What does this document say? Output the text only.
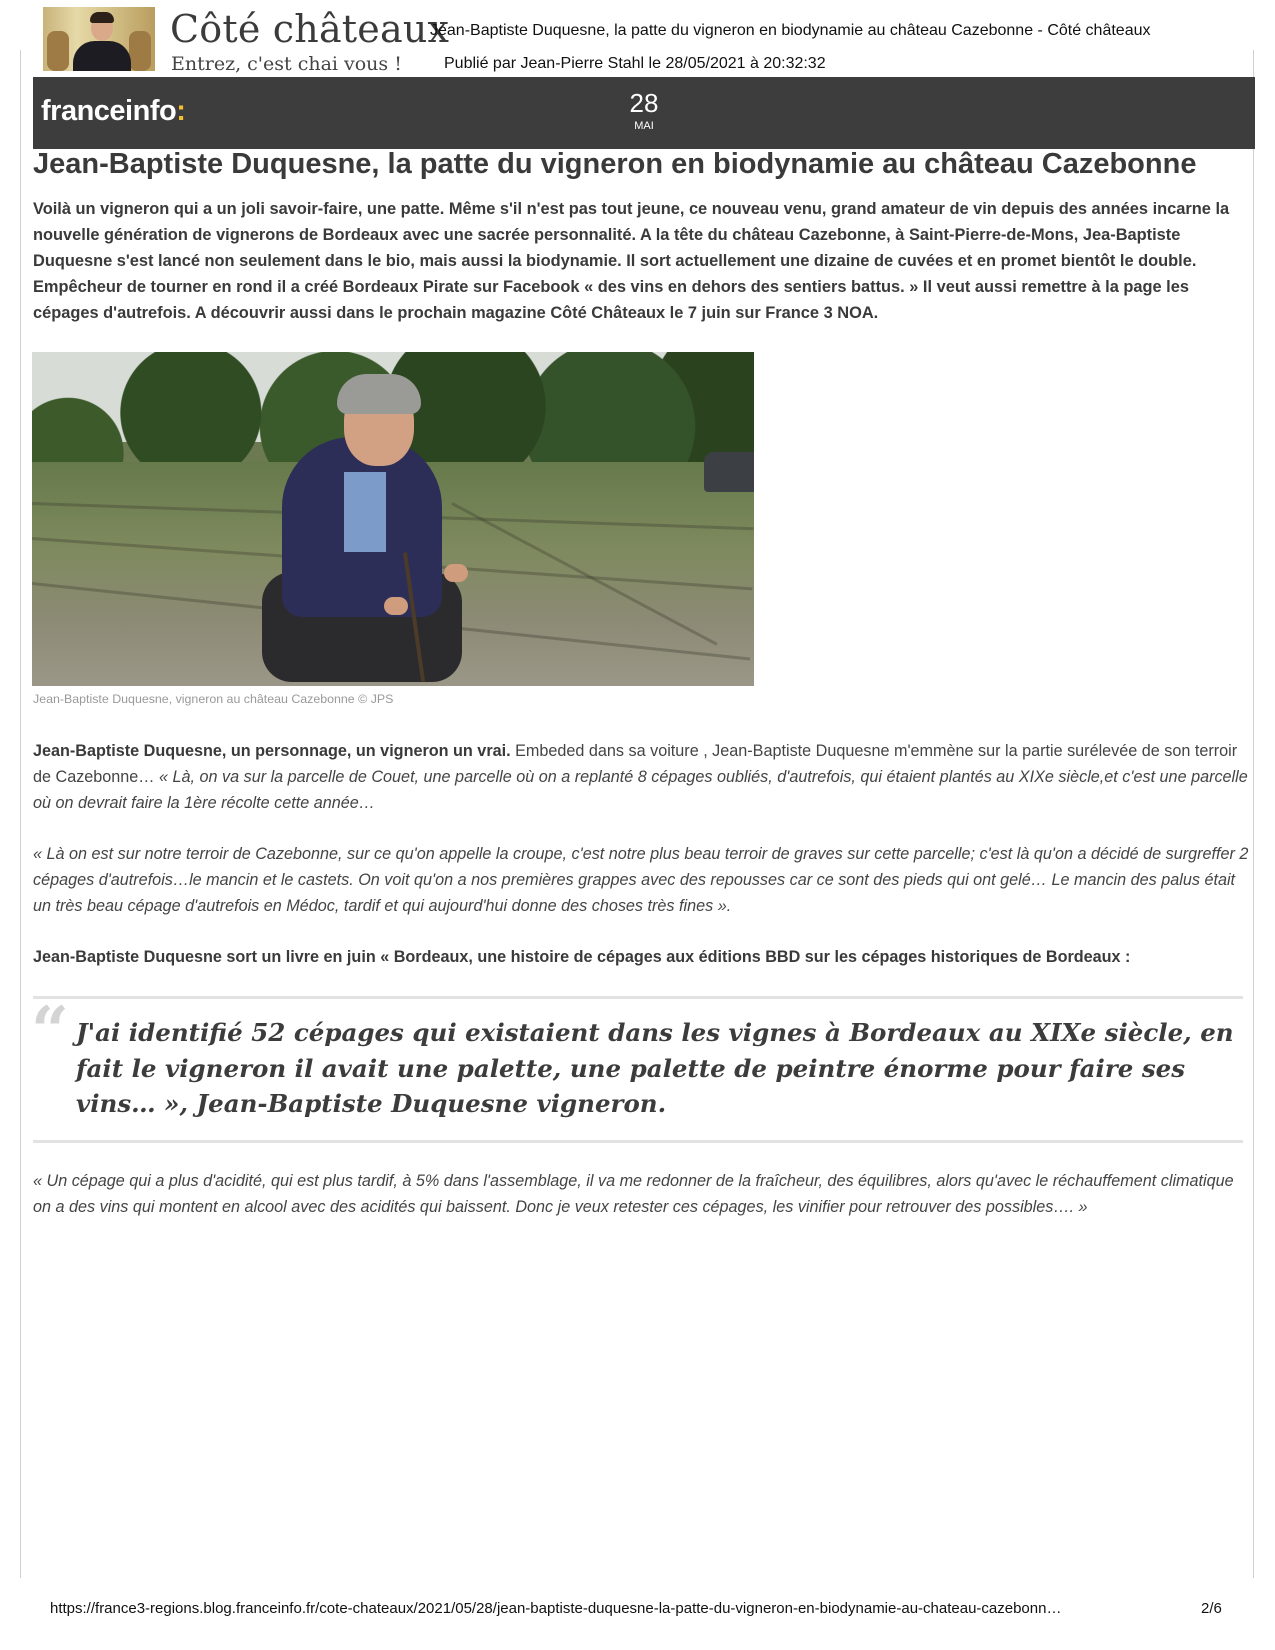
Côté châteaux
Entrez, c'est chai vous !
Jean-Baptiste Duquesne, la patte du vigneron en biodynamie au château Cazebonne - Côté châteaux
Publié par Jean-Pierre Stahl le 28/05/2021 à 20:32:32
franceinfo:	28
MAI
Jean-Baptiste Duquesne, la patte du vigneron en biodynamie au château Cazebonne

Voilà un vigneron qui a un joli savoir-faire, une patte. Même s'il n'est pas tout jeune, ce nouveau venu, grand amateur de vin depuis des années incarne la nouvelle génération de vignerons de Bordeaux avec une sacrée personnalité. A la tête du château Cazebonne, à Saint-Pierre-de-Mons, Jea-Baptiste Duquesne s'est lancé non seulement dans le bio, mais aussi la biodynamie. Il sort actuellement une dizaine de cuvées et en promet bientôt le double. Empêcheur de tourner en rond il a créé Bordeaux Pirate sur Facebook « des vins en dehors des sentiers battus. » Il veut aussi remettre à la page les cépages d'autrefois. A découvrir aussi dans le prochain magazine Côté Châteaux le 7 juin sur France 3 NOA.

Jean-Baptiste Duquesne, vigneron au château Cazebonne © JPS

Jean-Baptiste Duquesne, un personnage, un vigneron un vrai. Embeded dans sa voiture , Jean-Baptiste Duquesne m'emmène sur la partie surélevée de son terroir de Cazebonne… « Là, on va sur la parcelle de Couet, une parcelle où on a replanté 8 cépages oubliés, d'autrefois, qui étaient plantés au XIXe siècle,et c'est une parcelle où on devrait faire la 1ère récolte cette année…

« Là on est sur notre terroir de Cazebonne, sur ce qu'on appelle la croupe, c'est notre plus beau terroir de graves sur cette parcelle; c'est là qu'on a décidé de surgreffer 2 cépages d'autrefois…le mancin et le castets. On voit qu'on a nos premières grappes avec des repousses car ce sont des pieds qui ont gelé… Le mancin des palus était un très beau cépage d'autrefois en Médoc, tardif et qui aujourd'hui donne des choses très fines ».

Jean-Baptiste Duquesne sort un livre en juin « Bordeaux, une histoire de cépages aux éditions BBD sur les cépages historiques de Bordeaux :

“ J'ai identifié 52 cépages qui existaient dans les vignes à Bordeaux au XIXe siècle, en fait le vigneron il avait une palette, une palette de peintre énorme pour faire ses vins… », Jean-Baptiste Duquesne vigneron.

« Un cépage qui a plus d'acidité, qui est plus tardif, à 5% dans l'assemblage, il va me redonner de la fraîcheur, des équilibres, alors qu'avec le réchauffement climatique on a des vins qui montent en alcool avec des acidités qui baissent. Donc je veux retester ces cépages, les vinifier pour retrouver des possibles…. »

https://france3-regions.blog.franceinfo.fr/cote-chateaux/2021/05/28/jean-baptiste-duquesne-la-patte-du-vigneron-en-biodynamie-au-chateau-cazebonn…	2/6
